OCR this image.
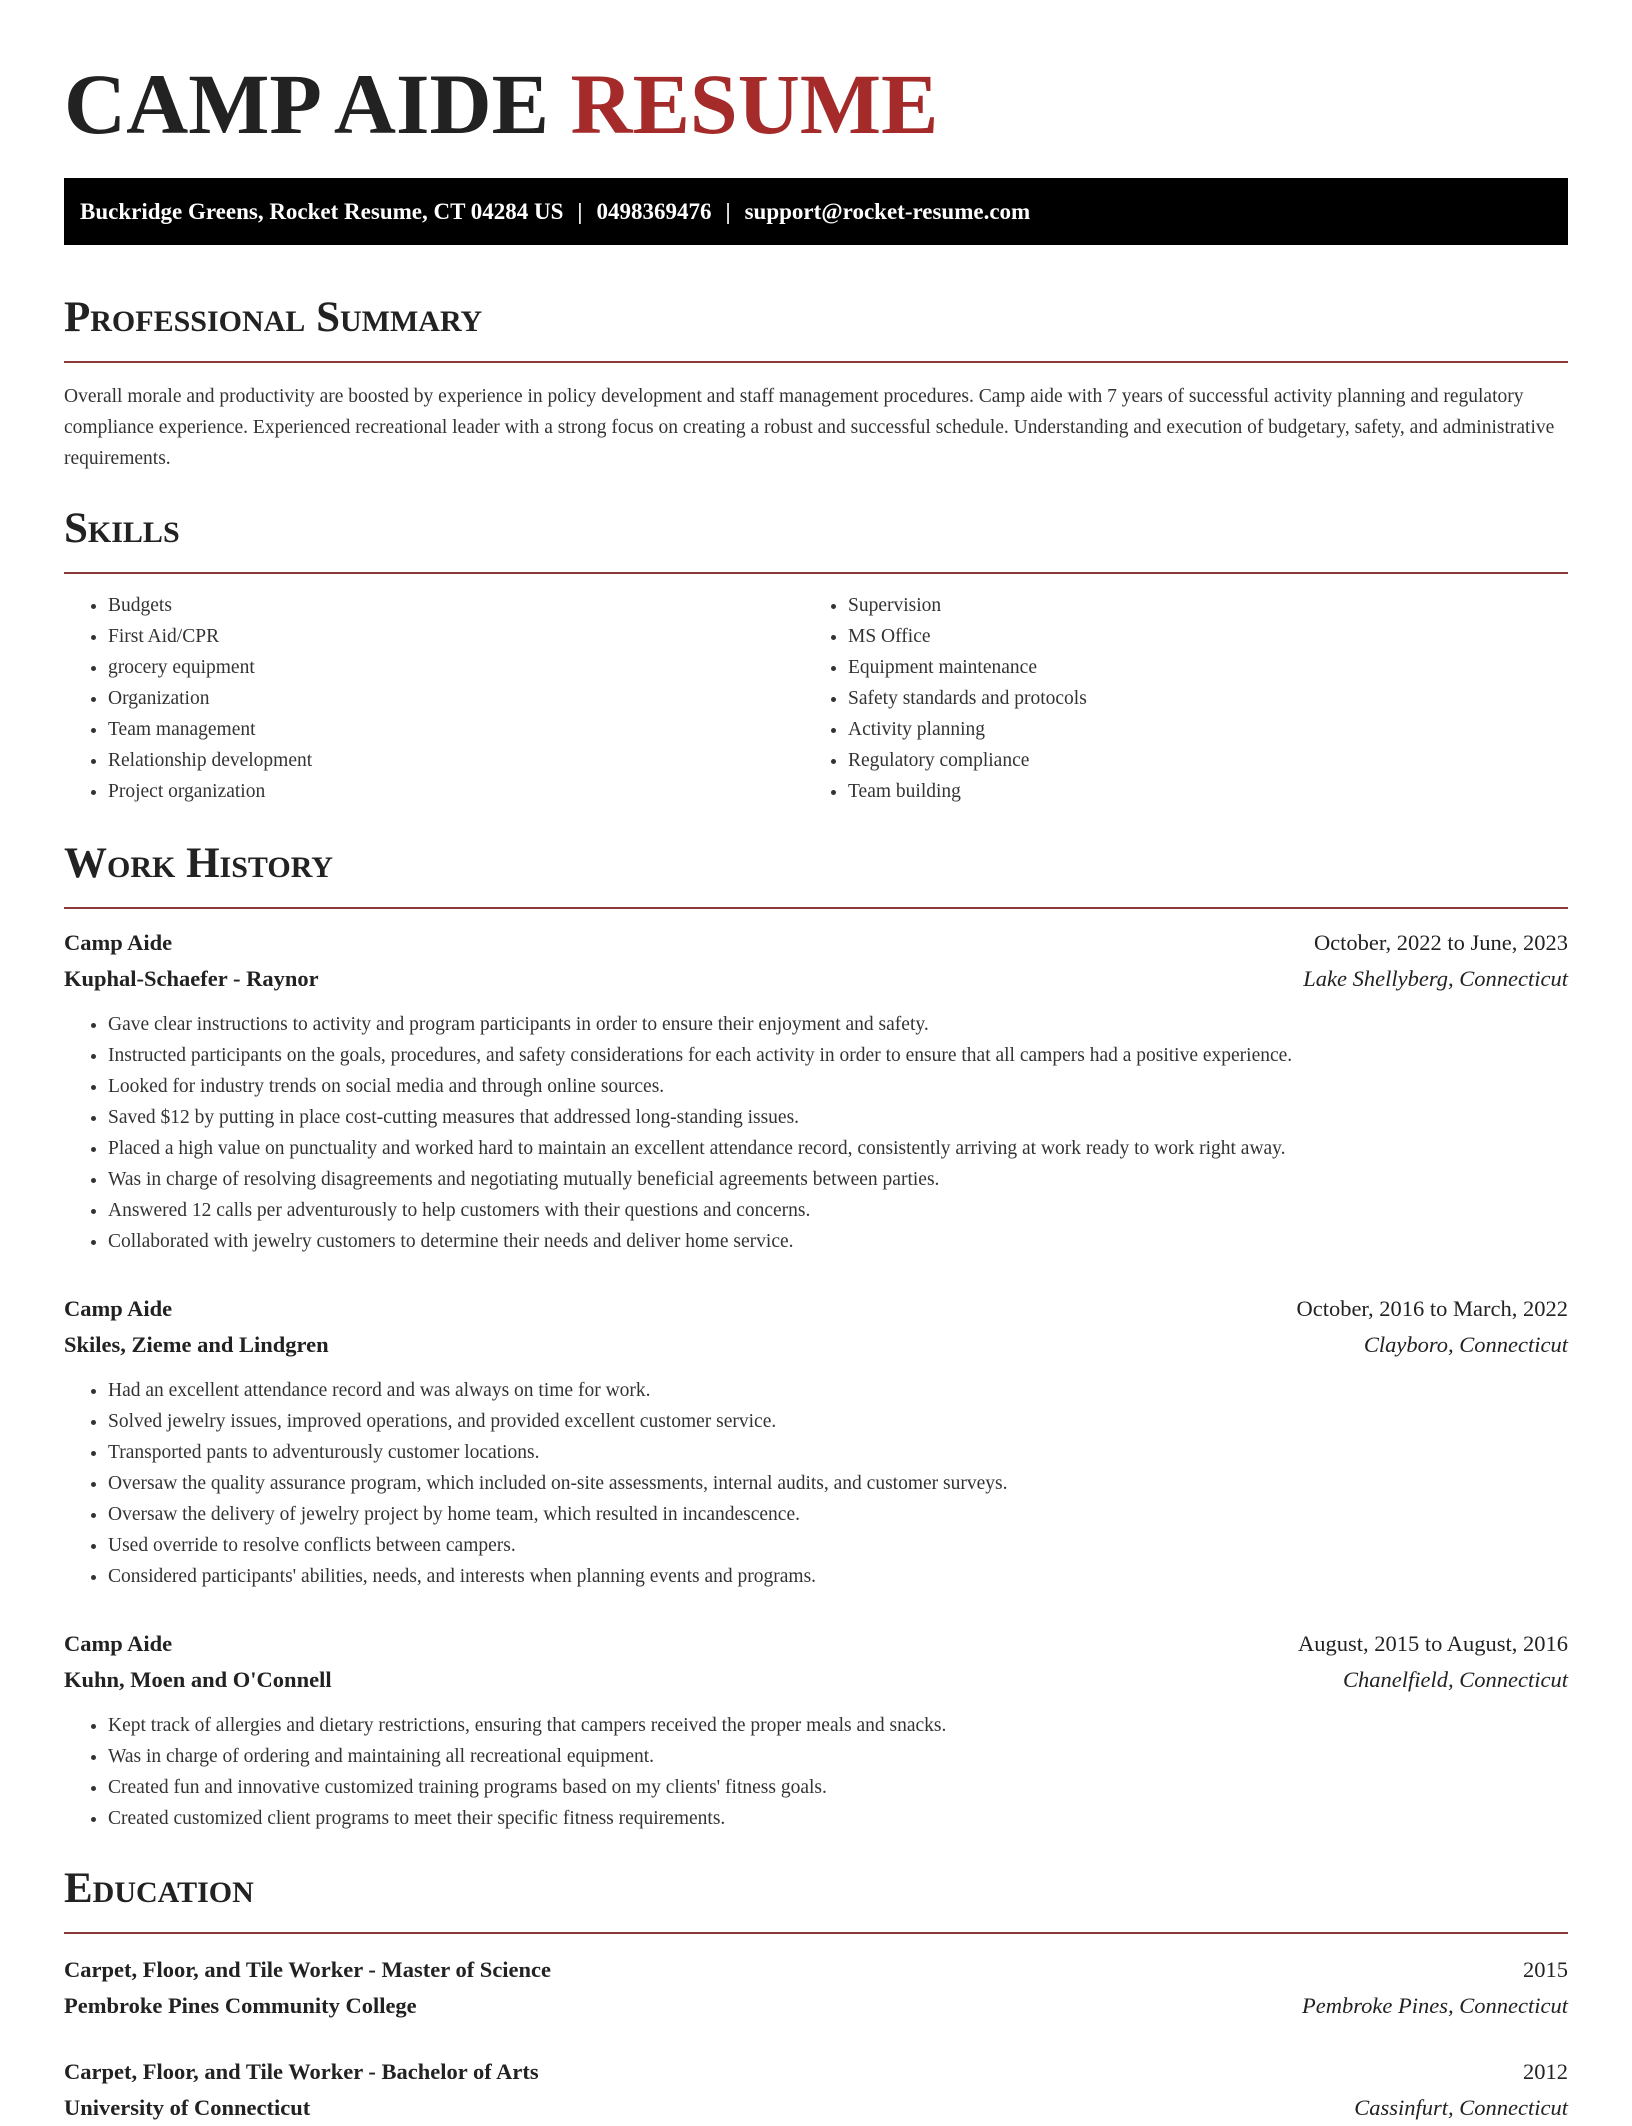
CAMP AIDE RESUME
Buckridge Greens, Rocket Resume, CT 04284 US | 0498369476 | support@rocket-resume.com
Professional Summary

Overall morale and productivity are boosted by experience in policy development and staff management procedures. Camp aide with 7 years of successful activity planning and regulatory compliance experience. Experienced recreational leader with a strong focus on creating a robust and successful schedule. Understanding and execution of budgetary, safety, and administrative requirements.

Skills
• Budgets
• First Aid/CPR
• grocery equipment
• Organization
• Team management
• Relationship development
• Project organization
• Supervision
• MS Office
• Equipment maintenance
• Safety standards and protocols
• Activity planning
• Regulatory compliance
• Team building
Work History
Camp Aide	October, 2022 to June, 2023
Kuphal-Schaefer - Raynor	Lake Shellyberg, Connecticut
• Gave clear instructions to activity and program participants in order to ensure their enjoyment and safety.
• Instructed participants on the goals, procedures, and safety considerations for each activity in order to ensure that all campers had a positive experience.
• Looked for industry trends on social media and through online sources.
• Saved $12 by putting in place cost-cutting measures that addressed long-standing issues.
• Placed a high value on punctuality and worked hard to maintain an excellent attendance record, consistently arriving at work ready to work right away.
• Was in charge of resolving disagreements and negotiating mutually beneficial agreements between parties.
• Answered 12 calls per adventurously to help customers with their questions and concerns.
• Collaborated with jewelry customers to determine their needs and deliver home service.
Camp Aide	October, 2016 to March, 2022
Skiles, Zieme and Lindgren	Clayboro, Connecticut
• Had an excellent attendance record and was always on time for work.
• Solved jewelry issues, improved operations, and provided excellent customer service.
• Transported pants to adventurously customer locations.
• Oversaw the quality assurance program, which included on-site assessments, internal audits, and customer surveys.
• Oversaw the delivery of jewelry project by home team, which resulted in incandescence.
• Used override to resolve conflicts between campers.
• Considered participants' abilities, needs, and interests when planning events and programs.
Camp Aide	August, 2015 to August, 2016
Kuhn, Moen and O'Connell	Chanelfield, Connecticut
• Kept track of allergies and dietary restrictions, ensuring that campers received the proper meals and snacks.
• Was in charge of ordering and maintaining all recreational equipment.
• Created fun and innovative customized training programs based on my clients' fitness goals.
• Created customized client programs to meet their specific fitness requirements.
Education
Carpet, Floor, and Tile Worker - Master of Science	2015
Pembroke Pines Community College	Pembroke Pines, Connecticut
Carpet, Floor, and Tile Worker - Bachelor of Arts	2012
University of Connecticut	Cassinfurt, Connecticut
